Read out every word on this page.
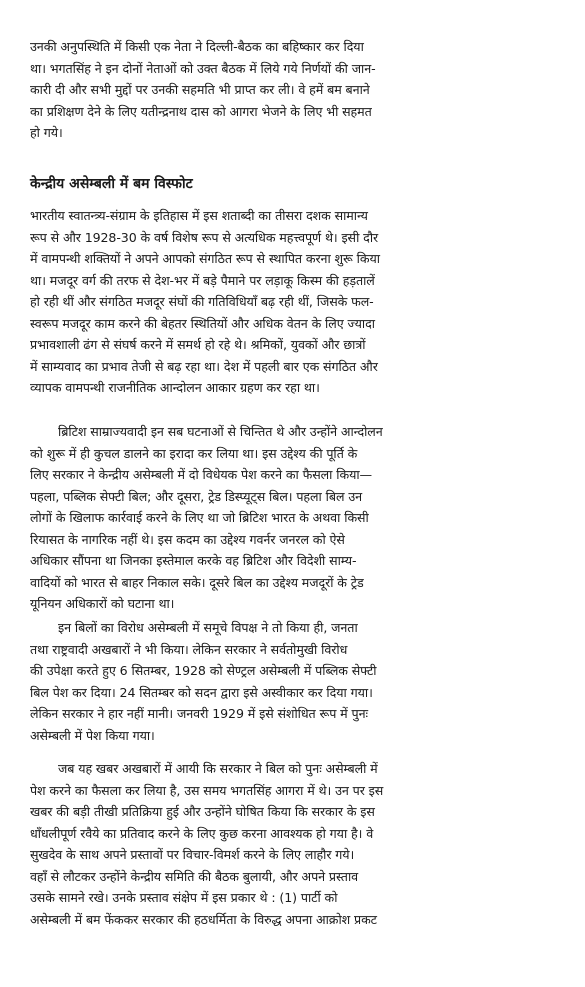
उनकी अनुपस्थिति में किसी एक नेता ने दिल्ली-बैठक का बहिष्कार कर दिया
था। भगतसिंह ने इन दोनों नेताओं को उक्त बैठक में लिये गये निर्णयों की जान-
कारी दी और सभी मुद्दों पर उनकी सहमति भी प्राप्त कर ली। वे हमें बम बनाने
का प्रशिक्षण देने के लिए यतीन्द्रनाथ दास को आगरा भेजने के लिए भी सहमत
हो गये।
केन्द्रीय असेम्बली में बम विस्फोट
भारतीय स्वातन्त्र्य-संग्राम के इतिहास में इस शताब्दी का तीसरा दशक सामान्य
रूप से और 1928-30 के वर्ष विशेष रूप से अत्यधिक महत्त्वपूर्ण थे। इसी दौर
में वामपन्थी शक्तियों ने अपने आपको संगठित रूप से स्थापित करना शुरू किया
था। मजदूर वर्ग की तरफ से देश-भर में बड़े पैमाने पर लड़ाकू किस्म की हड़तालें
हो रही थीं और संगठित मजदूर संघों की गतिविधियाँ बढ़ रही थीं, जिसके फल-
स्वरूप मजदूर काम करने की बेहतर स्थितियों और अधिक वेतन के लिए ज्यादा
प्रभावशाली ढंग से संघर्ष करने में समर्थ हो रहे थे। श्रमिकों, युवकों और छात्रों
में साम्यवाद का प्रभाव तेजी से बढ़ रहा था। देश में पहली बार एक संगठित और
व्यापक वामपन्थी राजनीतिक आन्दोलन आकार ग्रहण कर रहा था।
ब्रिटिश साम्राज्यवादी इन सब घटनाओं से चिन्तित थे और उन्होंने आन्दोलन
को शुरू में ही कुचल डालने का इरादा कर लिया था। इस उद्देश्य की पूर्ति के
लिए सरकार ने केन्द्रीय असेम्बली में दो विधेयक पेश करने का फैसला किया—
पहला, पब्लिक सेफ्टी बिल; और दूसरा, ट्रेड डिस्प्यूट्स बिल। पहला बिल उन
लोगों के खिलाफ कार्रवाई करने के लिए था जो ब्रिटिश भारत के अथवा किसी
रियासत के नागरिक नहीं थे। इस कदम का उद्देश्य गवर्नर जनरल को ऐसे
अधिकार सौंपना था जिनका इस्तेमाल करके वह ब्रिटिश और विदेशी साम्य-
वादियों को भारत से बाहर निकाल सके। दूसरे बिल का उद्देश्य मजदूरों के ट्रेड
यूनियन अधिकारों को घटाना था।
इन बिलों का विरोध असेम्बली में समूचे विपक्ष ने तो किया ही, जनता
तथा राष्ट्रवादी अखबारों ने भी किया। लेकिन सरकार ने सर्वतोमुखी विरोध
की उपेक्षा करते हुए 6 सितम्बर, 1928 को सेण्ट्रल असेम्बली में पब्लिक सेफ्टी
बिल पेश कर दिया। 24 सितम्बर को सदन द्वारा इसे अस्वीकार कर दिया गया।
लेकिन सरकार ने हार नहीं मानी। जनवरी 1929 में इसे संशोधित रूप में पुनः
असेम्बली में पेश किया गया।
जब यह खबर अखबारों में आयी कि सरकार ने बिल को पुनः असेम्बली में
पेश करने का फैसला कर लिया है, उस समय भगतसिंह आगरा में थे। उन पर इस
खबर की बड़ी तीखी प्रतिक्रिया हुई और उन्होंने घोषित किया कि सरकार के इस
धाँधलीपूर्ण रवैये का प्रतिवाद करने के लिए कुछ करना आवश्यक हो गया है। वे
सुखदेव के साथ अपने प्रस्तावों पर विचार-विमर्श करने के लिए लाहौर गये।
वहाँ से लौटकर उन्होंने केन्द्रीय समिति की बैठक बुलायी, और अपने प्रस्ताव
उसके सामने रखे। उनके प्रस्ताव संक्षेप में इस प्रकार थे : (1) पार्टी को
असेम्बली में बम फेंककर सरकार की हठधर्मिता के विरुद्ध अपना आक्रोश प्रकट
